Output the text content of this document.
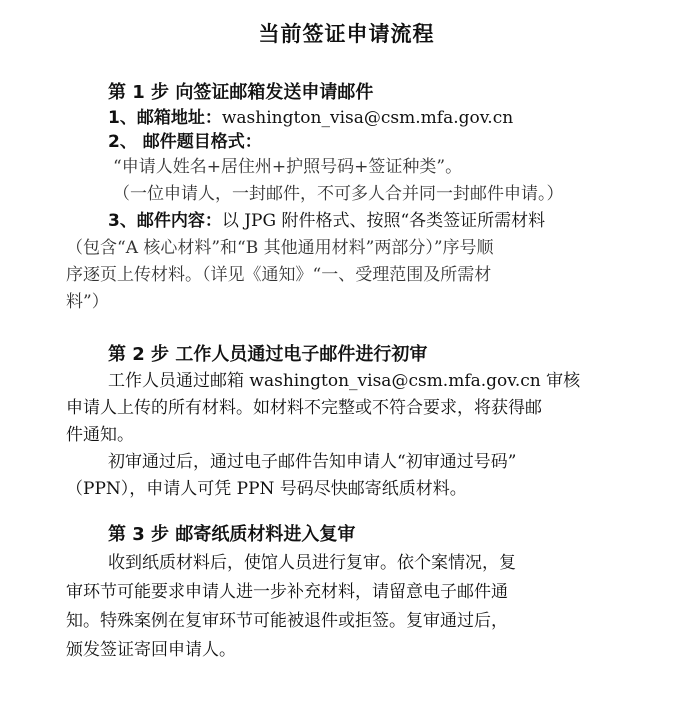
当前签证申请流程
第 1 步 向签证邮箱发送申请邮件
1、邮箱地址：washington_visa@csm.mfa.gov.cn
2、 邮件题目格式：
“申请人姓名+居住州+护照号码+签证种类”。
（一位申请人，一封邮件，不可多人合并同一封邮件申请。）
3、邮件内容：以 JPG 附件格式、按照“各类签证所需材料
（包含“A 核心材料”和“B 其他通用材料”两部分）”序号顺
序逐页上传材料。（详见《通知》“一、受理范围及所需材
料”）
第 2 步 工作人员通过电子邮件进行初审
工作人员通过邮箱 washington_visa@csm.mfa.gov.cn 审核
申请人上传的所有材料。如材料不完整或不符合要求，将获得邮
件通知。
初审通过后，通过电子邮件告知申请人“初审通过号码”
（PPN），申请人可凭 PPN 号码尽快邮寄纸质材料。
第 3 步 邮寄纸质材料进入复审
收到纸质材料后，使馆人员进行复审。依个案情况，复
审环节可能要求申请人进一步补充材料，请留意电子邮件通
知。特殊案例在复审环节可能被退件或拒签。复审通过后，
颁发签证寄回申请人。
